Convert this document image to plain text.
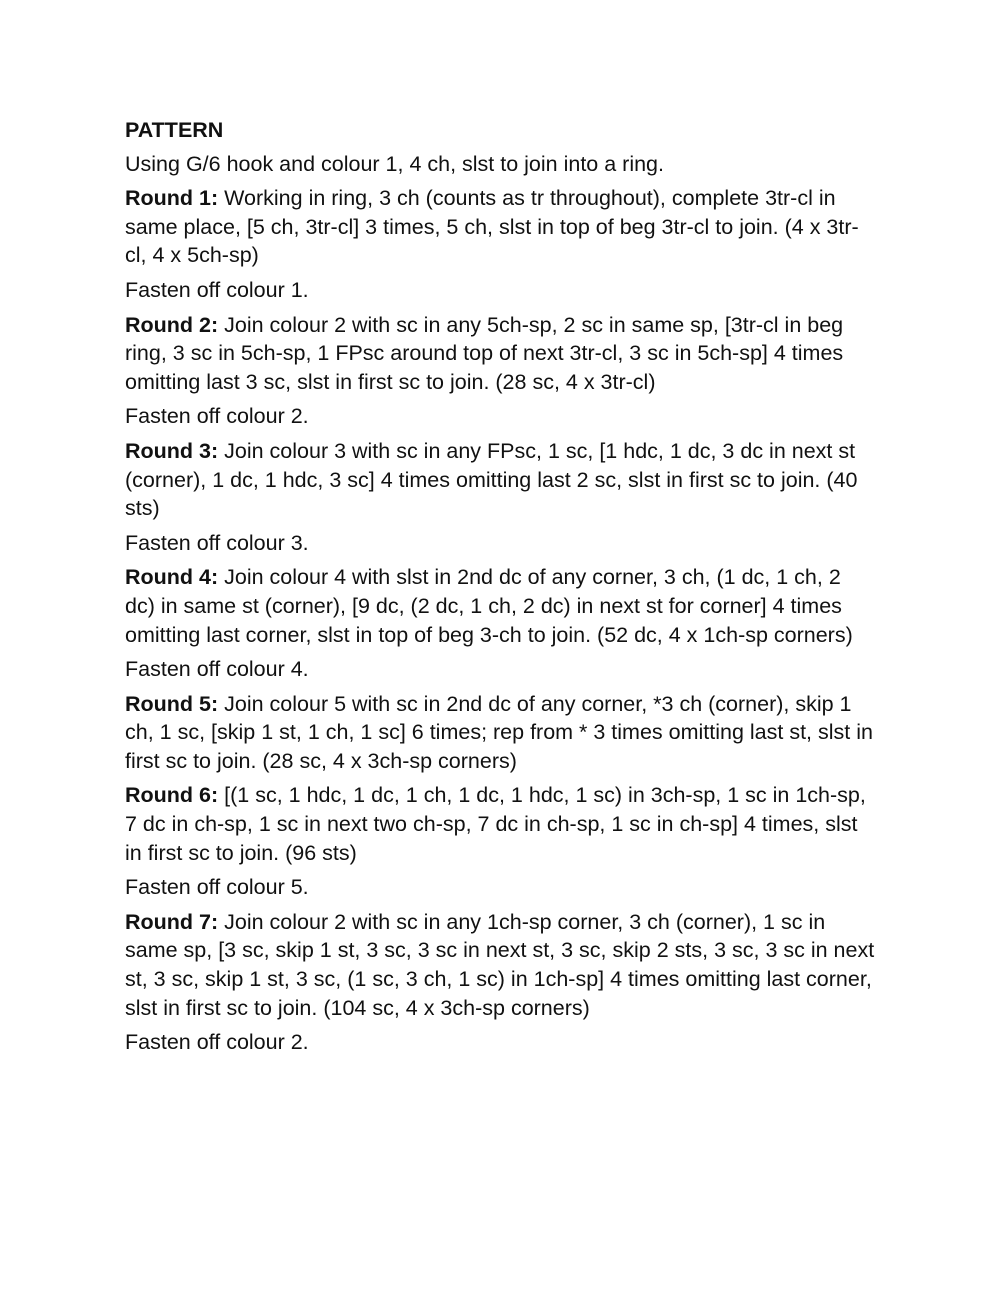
PATTERN
Using G/6 hook and colour 1, 4 ch, slst to join into a ring.
Round 1: Working in ring, 3 ch (counts as tr throughout), complete 3tr-cl in same place, [5 ch, 3tr-cl] 3 times, 5 ch, slst in top of beg 3tr-cl to join. (4 x 3tr-cl, 4 x 5ch-sp)
Fasten off colour 1.
Round 2: Join colour 2 with sc in any 5ch-sp, 2 sc in same sp, [3tr-cl in beg ring, 3 sc in 5ch-sp, 1 FPsc around top of next 3tr-cl, 3 sc in 5ch-sp] 4 times omitting last 3 sc, slst in first sc to join. (28 sc, 4 x 3tr-cl)
Fasten off colour 2.
Round 3: Join colour 3 with sc in any FPsc, 1 sc, [1 hdc, 1 dc, 3 dc in next st (corner), 1 dc, 1 hdc, 3 sc] 4 times omitting last 2 sc, slst in first sc to join. (40 sts)
Fasten off colour 3.
Round 4: Join colour 4 with slst in 2nd dc of any corner, 3 ch, (1 dc, 1 ch, 2 dc) in same st (corner), [9 dc, (2 dc, 1 ch, 2 dc) in next st for corner] 4 times omitting last corner, slst in top of beg 3-ch to join. (52 dc, 4 x 1ch-sp corners)
Fasten off colour 4.
Round 5: Join colour 5 with sc in 2nd dc of any corner, *3 ch (corner), skip 1 ch, 1 sc, [skip 1 st, 1 ch, 1 sc] 6 times; rep from * 3 times omitting last st, slst in first sc to join. (28 sc, 4 x 3ch-sp corners)
Round 6: [(1 sc, 1 hdc, 1 dc, 1 ch, 1 dc, 1 hdc, 1 sc) in 3ch-sp, 1 sc in 1ch-sp, 7 dc in ch-sp, 1 sc in next two ch-sp, 7 dc in ch-sp, 1 sc in ch-sp] 4 times, slst in first sc to join. (96 sts)
Fasten off colour 5.
Round 7: Join colour 2 with sc in any 1ch-sp corner, 3 ch (corner), 1 sc in same sp, [3 sc, skip 1 st, 3 sc, 3 sc in next st, 3 sc, skip 2 sts, 3 sc, 3 sc in next st, 3 sc, skip 1 st, 3 sc, (1 sc, 3 ch, 1 sc) in 1ch-sp] 4 times omitting last corner, slst in first sc to join. (104 sc, 4 x 3ch-sp corners)
Fasten off colour 2.
